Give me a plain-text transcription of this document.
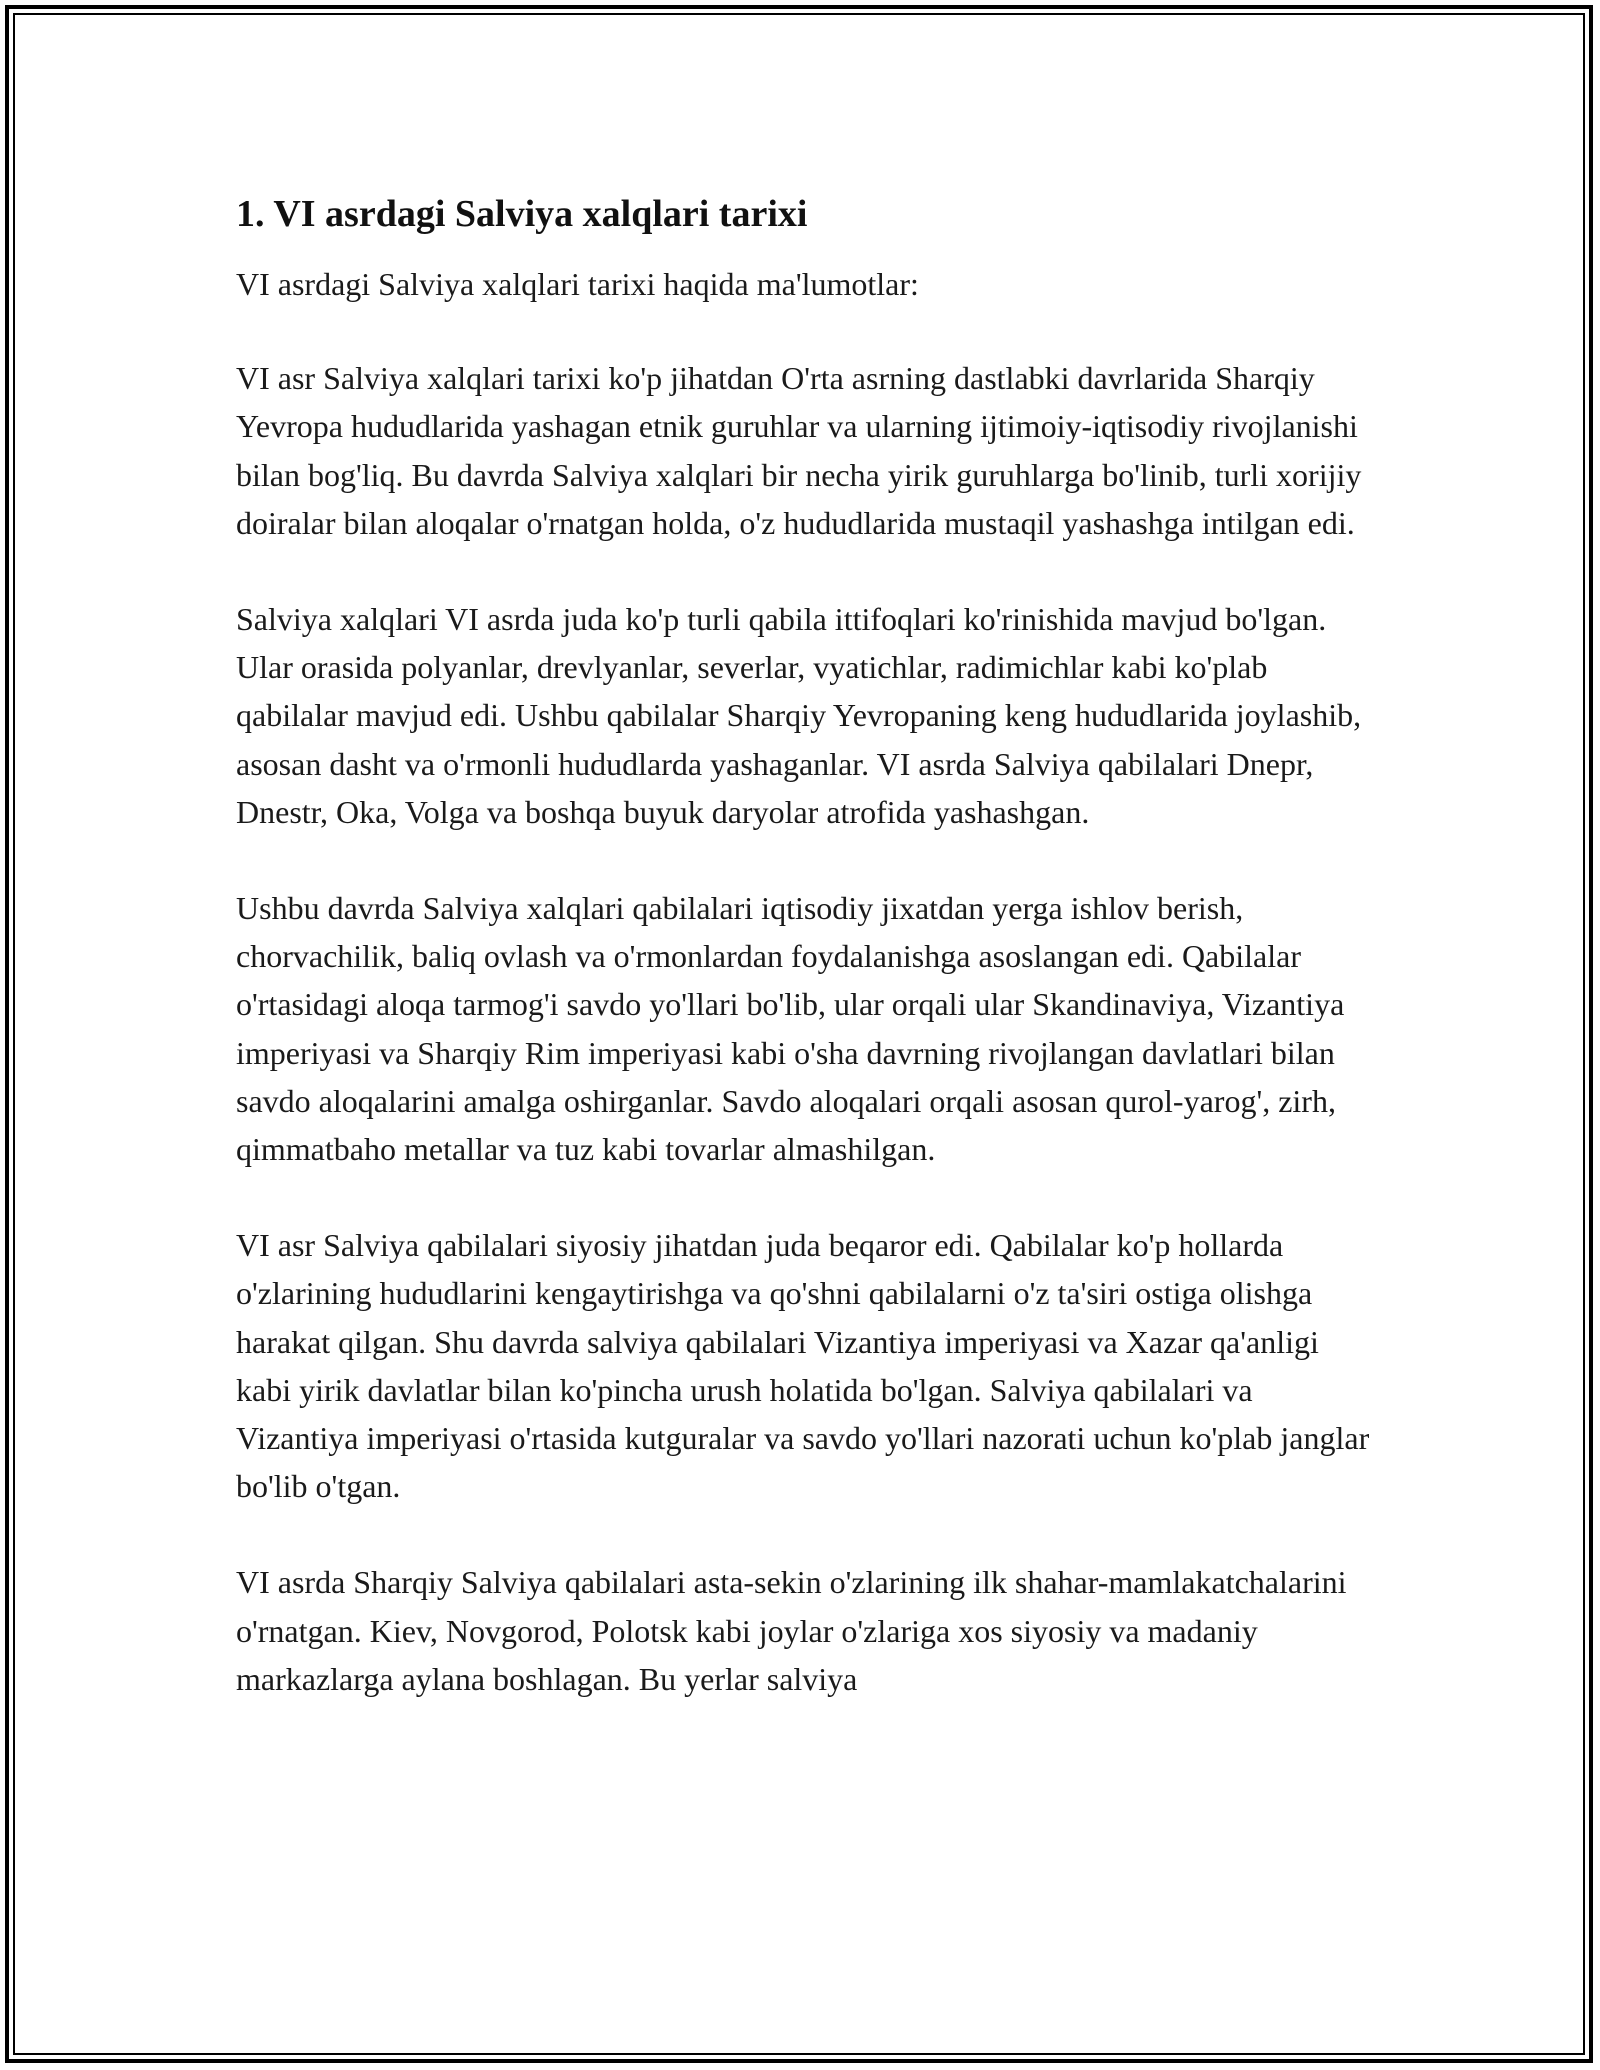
1. VI asrdagi Salviya xalqlari tarixi

VI asrdagi Salviya xalqlari tarixi haqida ma'lumotlar:

VI asr Salviya xalqlari tarixi ko'p jihatdan O'rta asrning dastlabki davrlarida Sharqiy Yevropa hududlarida yashagan etnik guruhlar va ularning ijtimoiy-iqtisodiy rivojlanishi bilan bog'liq. Bu davrda Salviya xalqlari bir necha yirik guruhlarga bo'linib, turli xorijiy doiralar bilan aloqalar o'rnatgan holda, o'z hududlarida mustaqil yashashga intilgan edi.

Salviya xalqlari VI asrda juda ko'p turli qabila ittifoqlari ko'rinishida mavjud bo'lgan. Ular orasida polyanlar, drevlyanlar, severlar, vyatichlar, radimichlar kabi ko'plab qabilalar mavjud edi. Ushbu qabilalar Sharqiy Yevropaning keng hududlarida joylashib, asosan dasht va o'rmonli hududlarda yashaganlar. VI asrda Salviya qabilalari Dnepr, Dnestr, Oka, Volga va boshqa buyuk daryolar atrofida yashashgan.

Ushbu davrda Salviya xalqlari qabilalari iqtisodiy jixatdan yerga ishlov berish, chorvachilik, baliq ovlash va o'rmonlardan foydalanishga asoslangan edi. Qabilalar o'rtasidagi aloqa tarmog'i savdo yo'llari bo'lib, ular orqali ular Skandinaviya, Vizantiya imperiyasi va Sharqiy Rim imperiyasi kabi o'sha davrning rivojlangan davlatlari bilan savdo aloqalarini amalga oshirganlar. Savdo aloqalari orqali asosan qurol-yarog', zirh, qimmatbaho metallar va tuz kabi tovarlar almashilgan.

VI asr Salviya qabilalari siyosiy jihatdan juda beqaror edi. Qabilalar ko'p hollarda o'zlarining hududlarini kengaytirishga va qo'shni qabilalarni o'z ta'siri ostiga olishga harakat qilgan. Shu davrda salviya qabilalari Vizantiya imperiyasi va Xazar qa'anligi kabi yirik davlatlar bilan ko'pincha urush holatida bo'lgan. Salviya qabilalari va Vizantiya imperiyasi o'rtasida kutguralar va savdo yo'llari nazorati uchun ko'plab janglar bo'lib o'tgan.

VI asrda Sharqiy Salviya qabilalari asta-sekin o'zlarining ilk shahar-mamlakatchalarini o'rnatgan. Kiev, Novgorod, Polotsk kabi joylar o'zlariga xos siyosiy va madaniy markazlarga aylana boshlagan. Bu yerlar salviya
